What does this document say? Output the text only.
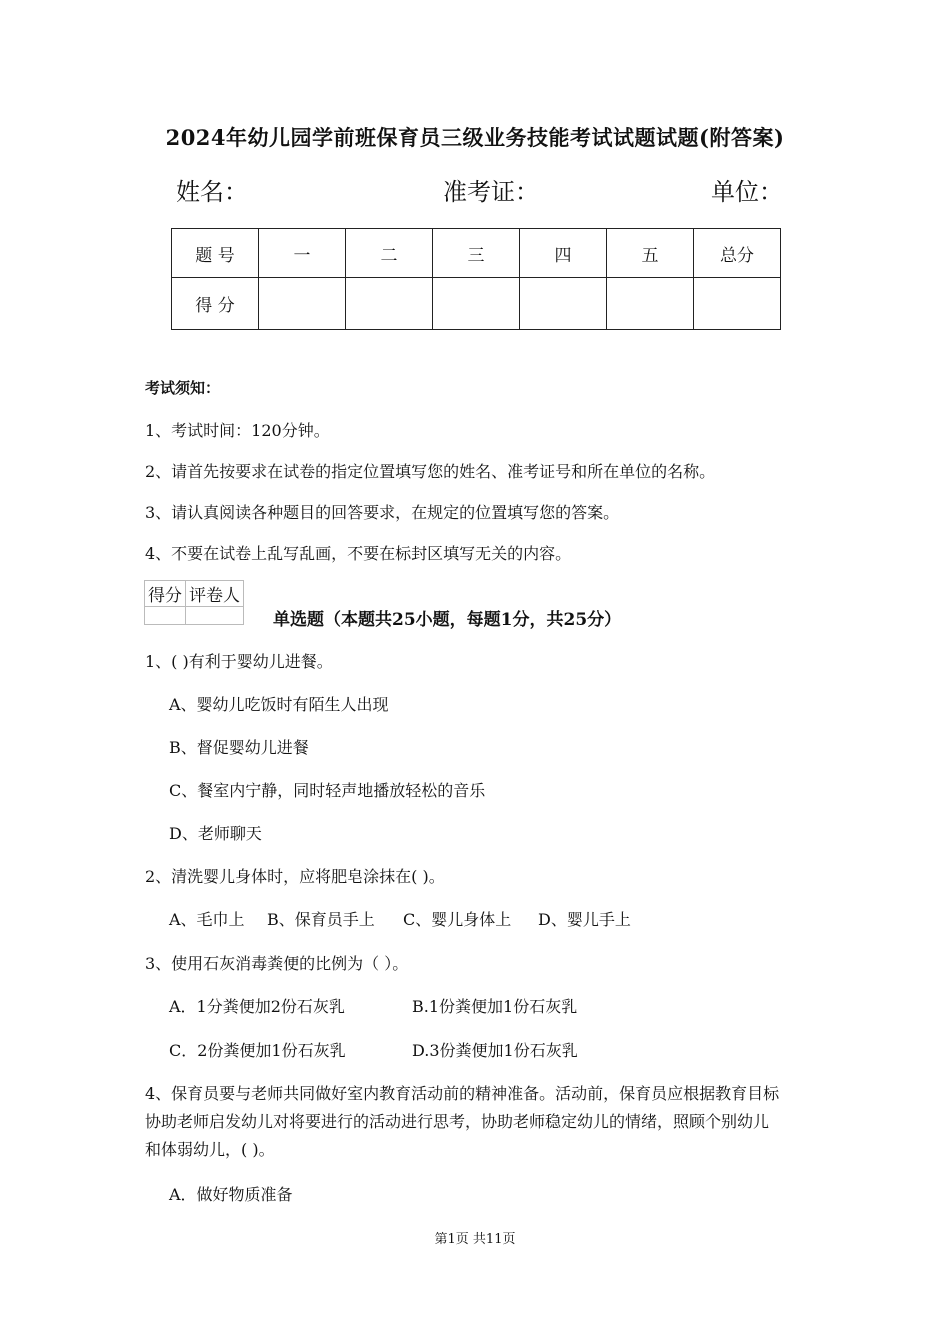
2024年幼儿园学前班保育员三级业务技能考试试题试题(附答案)
姓名：	准考证：	单位：
题 号	一	二	三	四	五	总分
得 分						
考试须知：
1、考试时间：120分钟。
2、请首先按要求在试卷的指定位置填写您的姓名、准考证号和所在单位的名称。
3、请认真阅读各种题目的回答要求，在规定的位置填写您的答案。
4、不要在试卷上乱写乱画，不要在标封区填写无关的内容。
得分	评卷人

单选题（本题共25小题，每题1分，共25分）
1、( )有利于婴幼儿进餐。
A、婴幼儿吃饭时有陌生人出现
B、督促婴幼儿进餐
C、餐室内宁静，同时轻声地播放轻松的音乐
D、老师聊天
2、清洗婴儿身体时，应将肥皂涂抹在( )。
A、毛巾上 B、保育员手上 C、婴儿身体上 D、婴儿手上
3、使用石灰消毒粪便的比例为（ ）。
A．1分粪便加2份石灰乳	B.1份粪便加1份石灰乳
C．2份粪便加1份石灰乳	D.3份粪便加1份石灰乳
4、保育员要与老师共同做好室内教育活动前的精神准备。活动前，保育员应根据教育目标
协助老师启发幼儿对将要进行的活动进行思考，协助老师稳定幼儿的情绪，照顾个别幼儿
和体弱幼儿，( )。
A．做好物质准备
第1页 共11页
